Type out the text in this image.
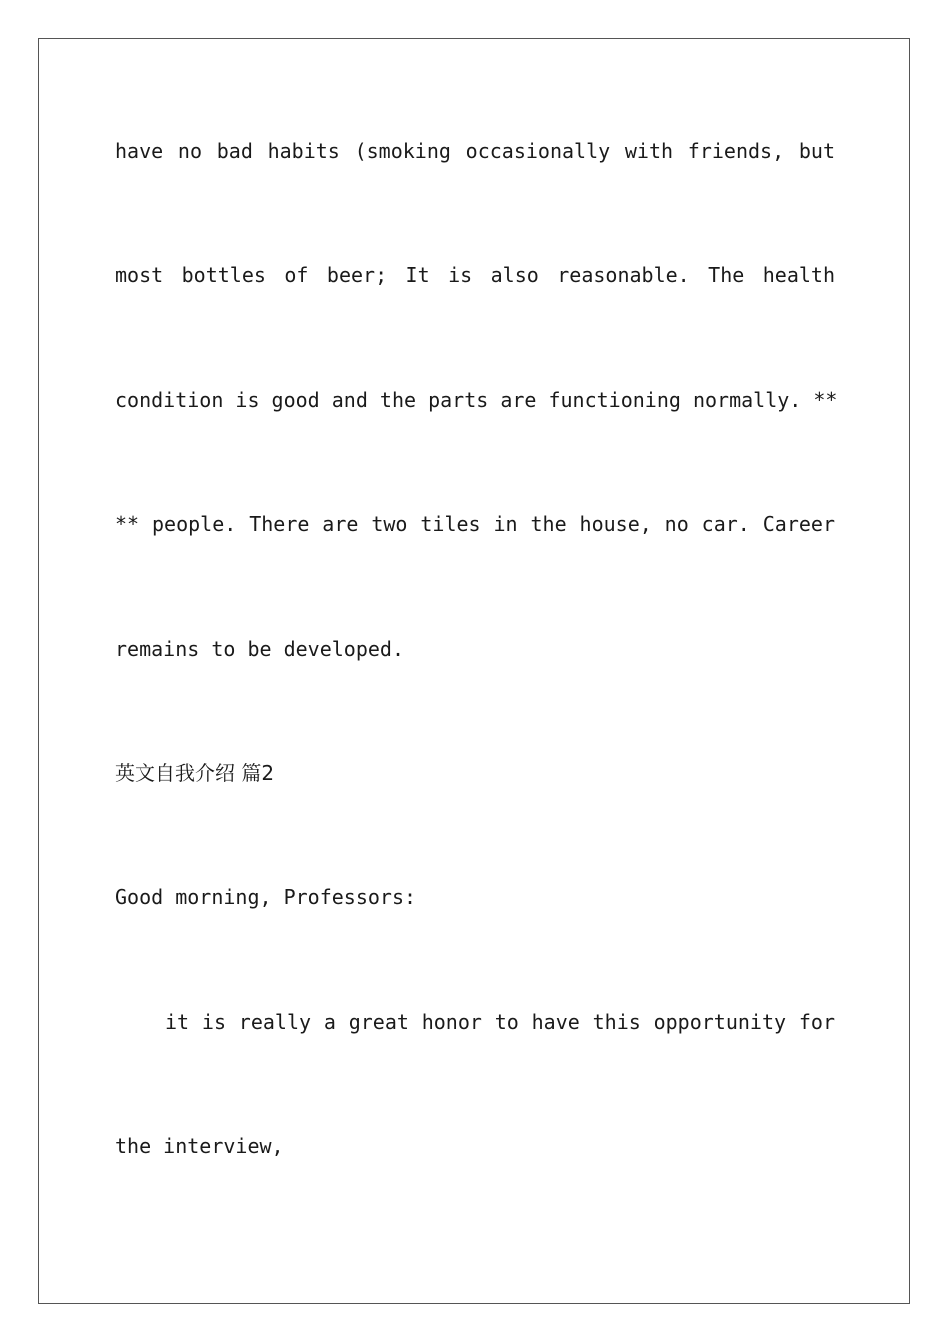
have no bad habits (smoking occasionally with friends, but
most bottles of beer; It is also reasonable. The health
condition is good and the parts are functioning normally. **
** people. There are two tiles in the house, no car. Career
remains to be developed.
英文自我介绍 篇2
Good morning, Professors:
it is really a great honor to have this opportunity for
the interview,
